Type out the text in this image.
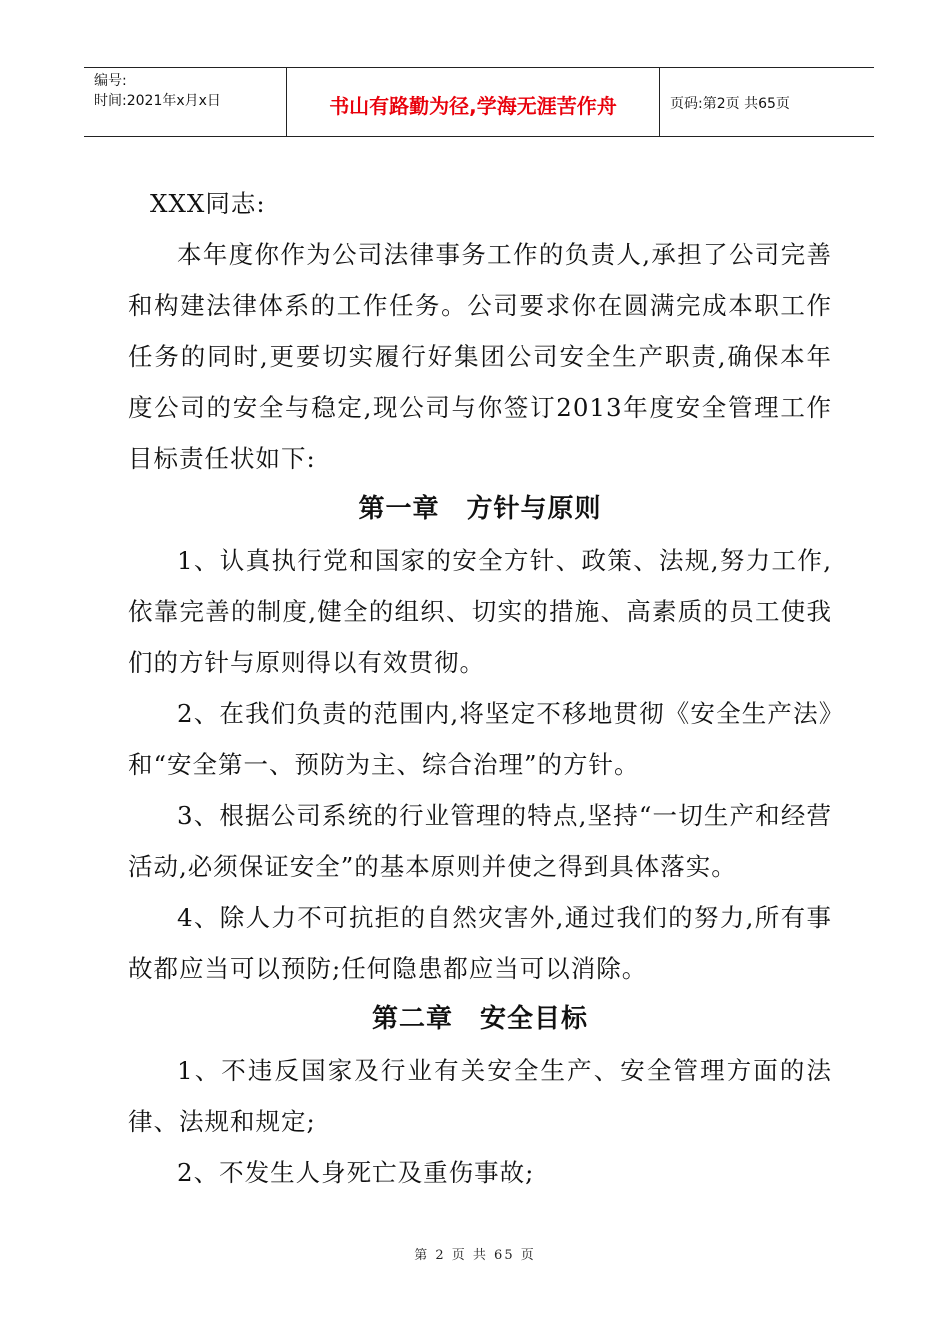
编号:
时间:2021年x月x日	书山有路勤为径,学海无涯苦作舟	页码:第2页 共65页

XXX同志:

本年度你作为公司法律事务工作的负责人,承担了公司完善和构建法律体系的工作任务。公司要求你在圆满完成本职工作任务的同时,更要切实履行好集团公司安全生产职责,确保本年度公司的安全与稳定,现公司与你签订2013年度安全管理工作目标责任状如下:

第一章　方针与原则

1、认真执行党和国家的安全方针、政策、法规,努力工作,依靠完善的制度,健全的组织、切实的措施、高素质的员工使我们的方针与原则得以有效贯彻。

2、在我们负责的范围内,将坚定不移地贯彻《安全生产法》和“安全第一、预防为主、综合治理”的方针。

3、根据公司系统的行业管理的特点,坚持“一切生产和经营活动,必须保证安全”的基本原则并使之得到具体落实。

4、除人力不可抗拒的自然灾害外,通过我们的努力,所有事故都应当可以预防;任何隐患都应当可以消除。

第二章　安全目标

1、不违反国家及行业有关安全生产、安全管理方面的法律、法规和规定;

2、不发生人身死亡及重伤事故;

第 2 页 共 65 页
